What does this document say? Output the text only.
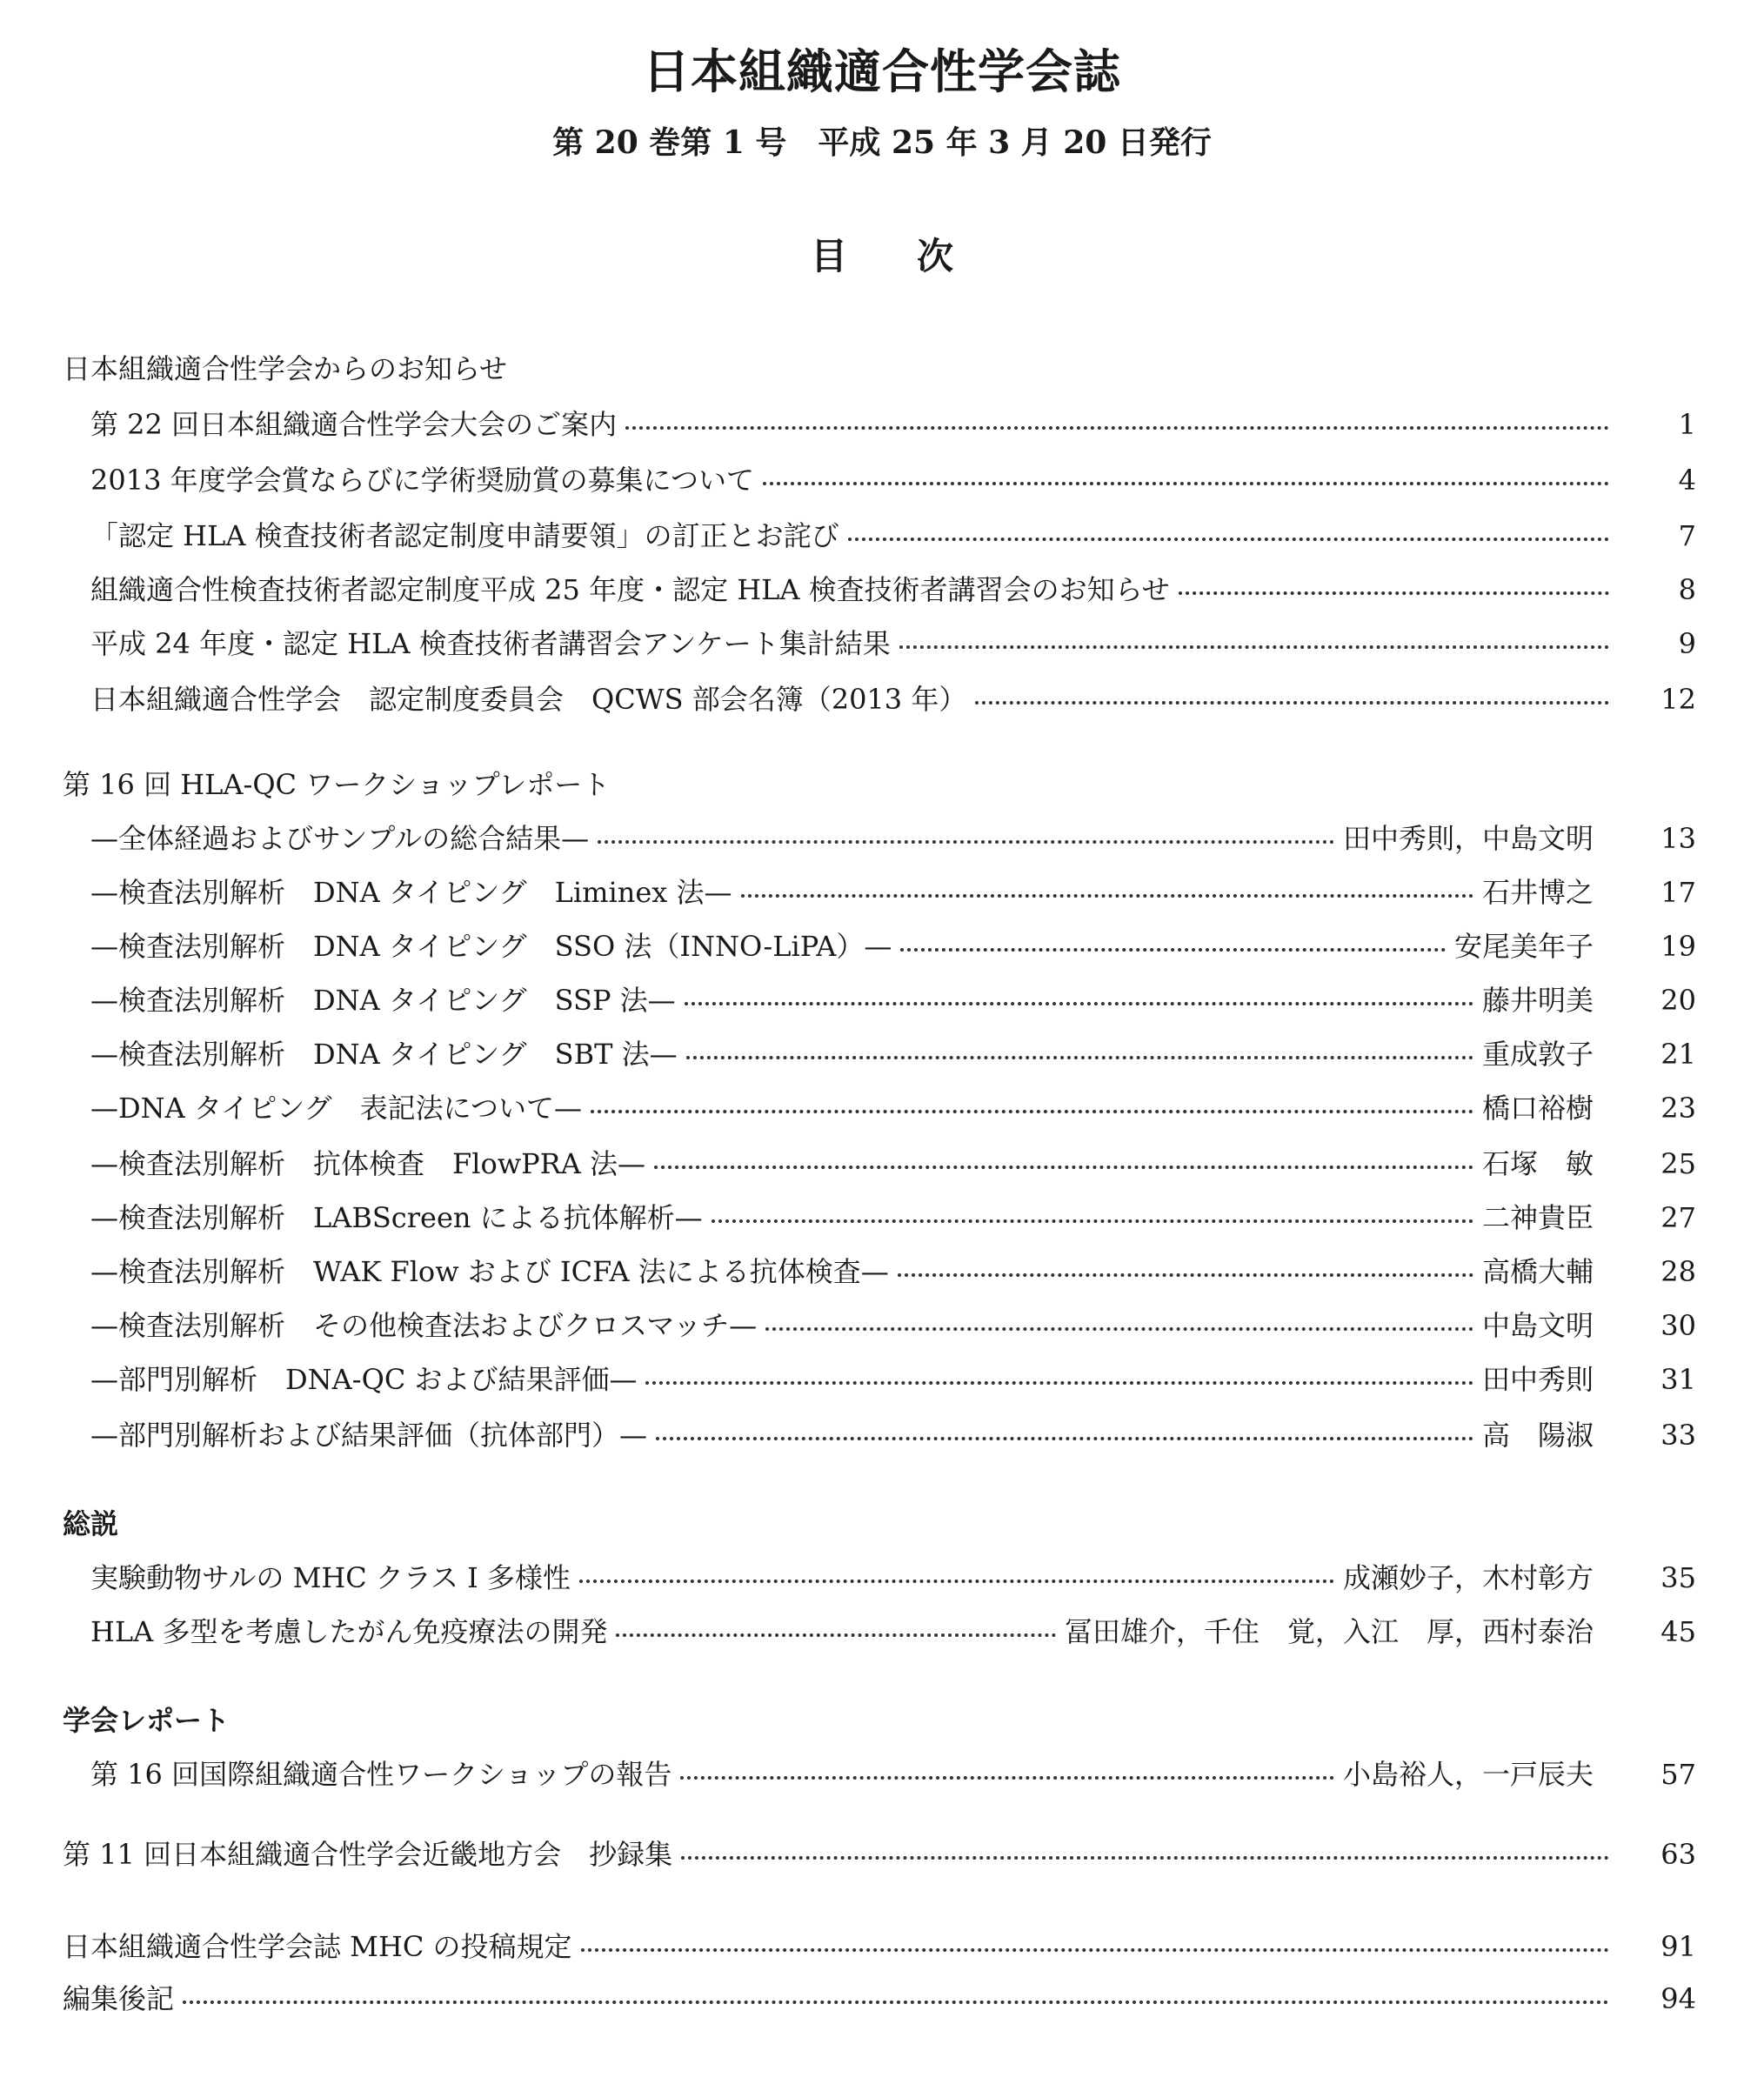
日本組織適合性学会誌
第 20 巻第 1 号　平成 25 年 3 月 20 日発行
目次
日本組織適合性学会からのお知らせ
第 22 回日本組織適合性学会大会のご案内	1
2013 年度学会賞ならびに学術奨励賞の募集について	4
「認定 HLA 検査技術者認定制度申請要領」の訂正とお詫び	7
組織適合性検査技術者認定制度平成 25 年度・認定 HLA 検査技術者講習会のお知らせ	8
平成 24 年度・認定 HLA 検査技術者講習会アンケート集計結果	9
日本組織適合性学会　認定制度委員会　QCWS 部会名簿（2013 年）	12
第 16 回 HLA-QC ワークショップレポート
—全体経過およびサンプルの総合結果—	田中秀則，中島文明	13
—検査法別解析　DNA タイピング　Liminex 法—	石井博之	17
—検査法別解析　DNA タイピング　SSO 法（INNO-LiPA）—	安尾美年子	19
—検査法別解析　DNA タイピング　SSP 法—	藤井明美	20
—検査法別解析　DNA タイピング　SBT 法—	重成敦子	21
—DNA タイピング　表記法について—	橋口裕樹	23
—検査法別解析　抗体検査　FlowPRA 法—	石塚　敏	25
—検査法別解析　LABScreen による抗体解析—	二神貴臣	27
—検査法別解析　WAK Flow および ICFA 法による抗体検査—	高橋大輔	28
—検査法別解析　その他検査法およびクロスマッチ—	中島文明	30
—部門別解析　DNA-QC および結果評価—	田中秀則	31
—部門別解析および結果評価（抗体部門）—	高　陽淑	33
総説
実験動物サルの MHC クラス I 多様性	成瀬妙子，木村彰方	35
HLA 多型を考慮したがん免疫療法の開発	冨田雄介，千住　覚，入江　厚，西村泰治	45
学会レポート
第 16 回国際組織適合性ワークショップの報告	小島裕人，一戸辰夫	57
第 11 回日本組織適合性学会近畿地方会　抄録集	63
日本組織適合性学会誌 MHC の投稿規定	91
編集後記	94
